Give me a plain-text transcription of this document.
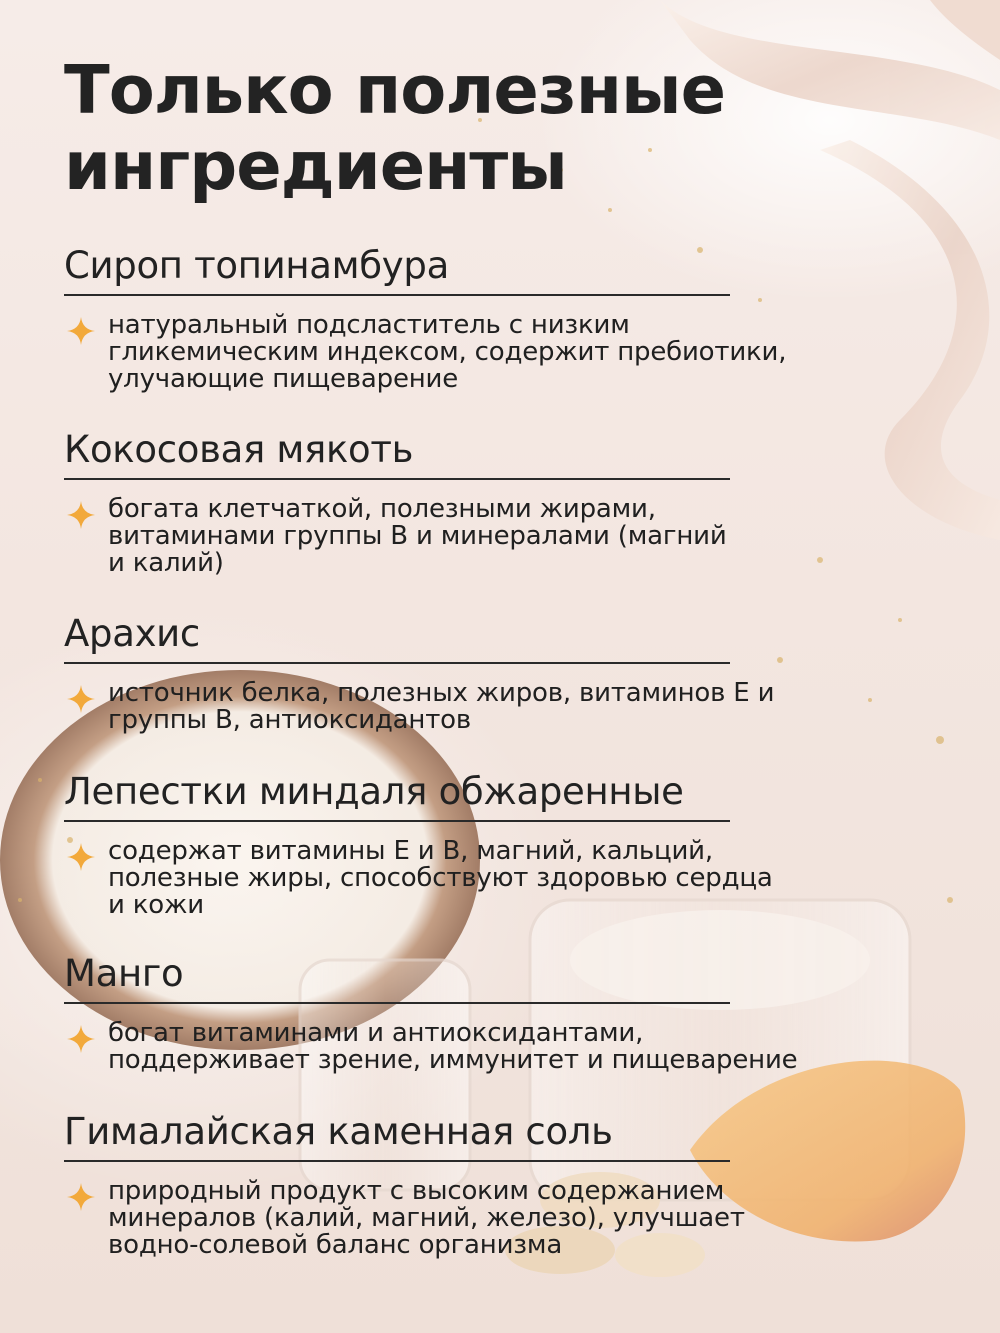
Только полезные ингредиенты
Сироп топинамбура
натуральный подсластитель с низким
гликемическим индексом, содержит пребиотики,
улучающие пищеварение
Кокосовая мякоть
богата клетчаткой, полезными жирами,
витаминами группы В и минералами (магний
и калий)
Арахис
источник белка, полезных жиров, витаминов Е и
группы В, антиоксидантов
Лепестки миндаля обжаренные
содержат витамины Е и В, магний, кальций,
полезные жиры, способствуют здоровью сердца
и кожи
Манго
богат витаминами и антиоксидантами,
поддерживает зрение, иммунитет и пищеварение
Гималайская каменная соль
природный продукт с высоким содержанием
минералов (калий, магний, железо), улучшает
водно-солевой баланс организма
